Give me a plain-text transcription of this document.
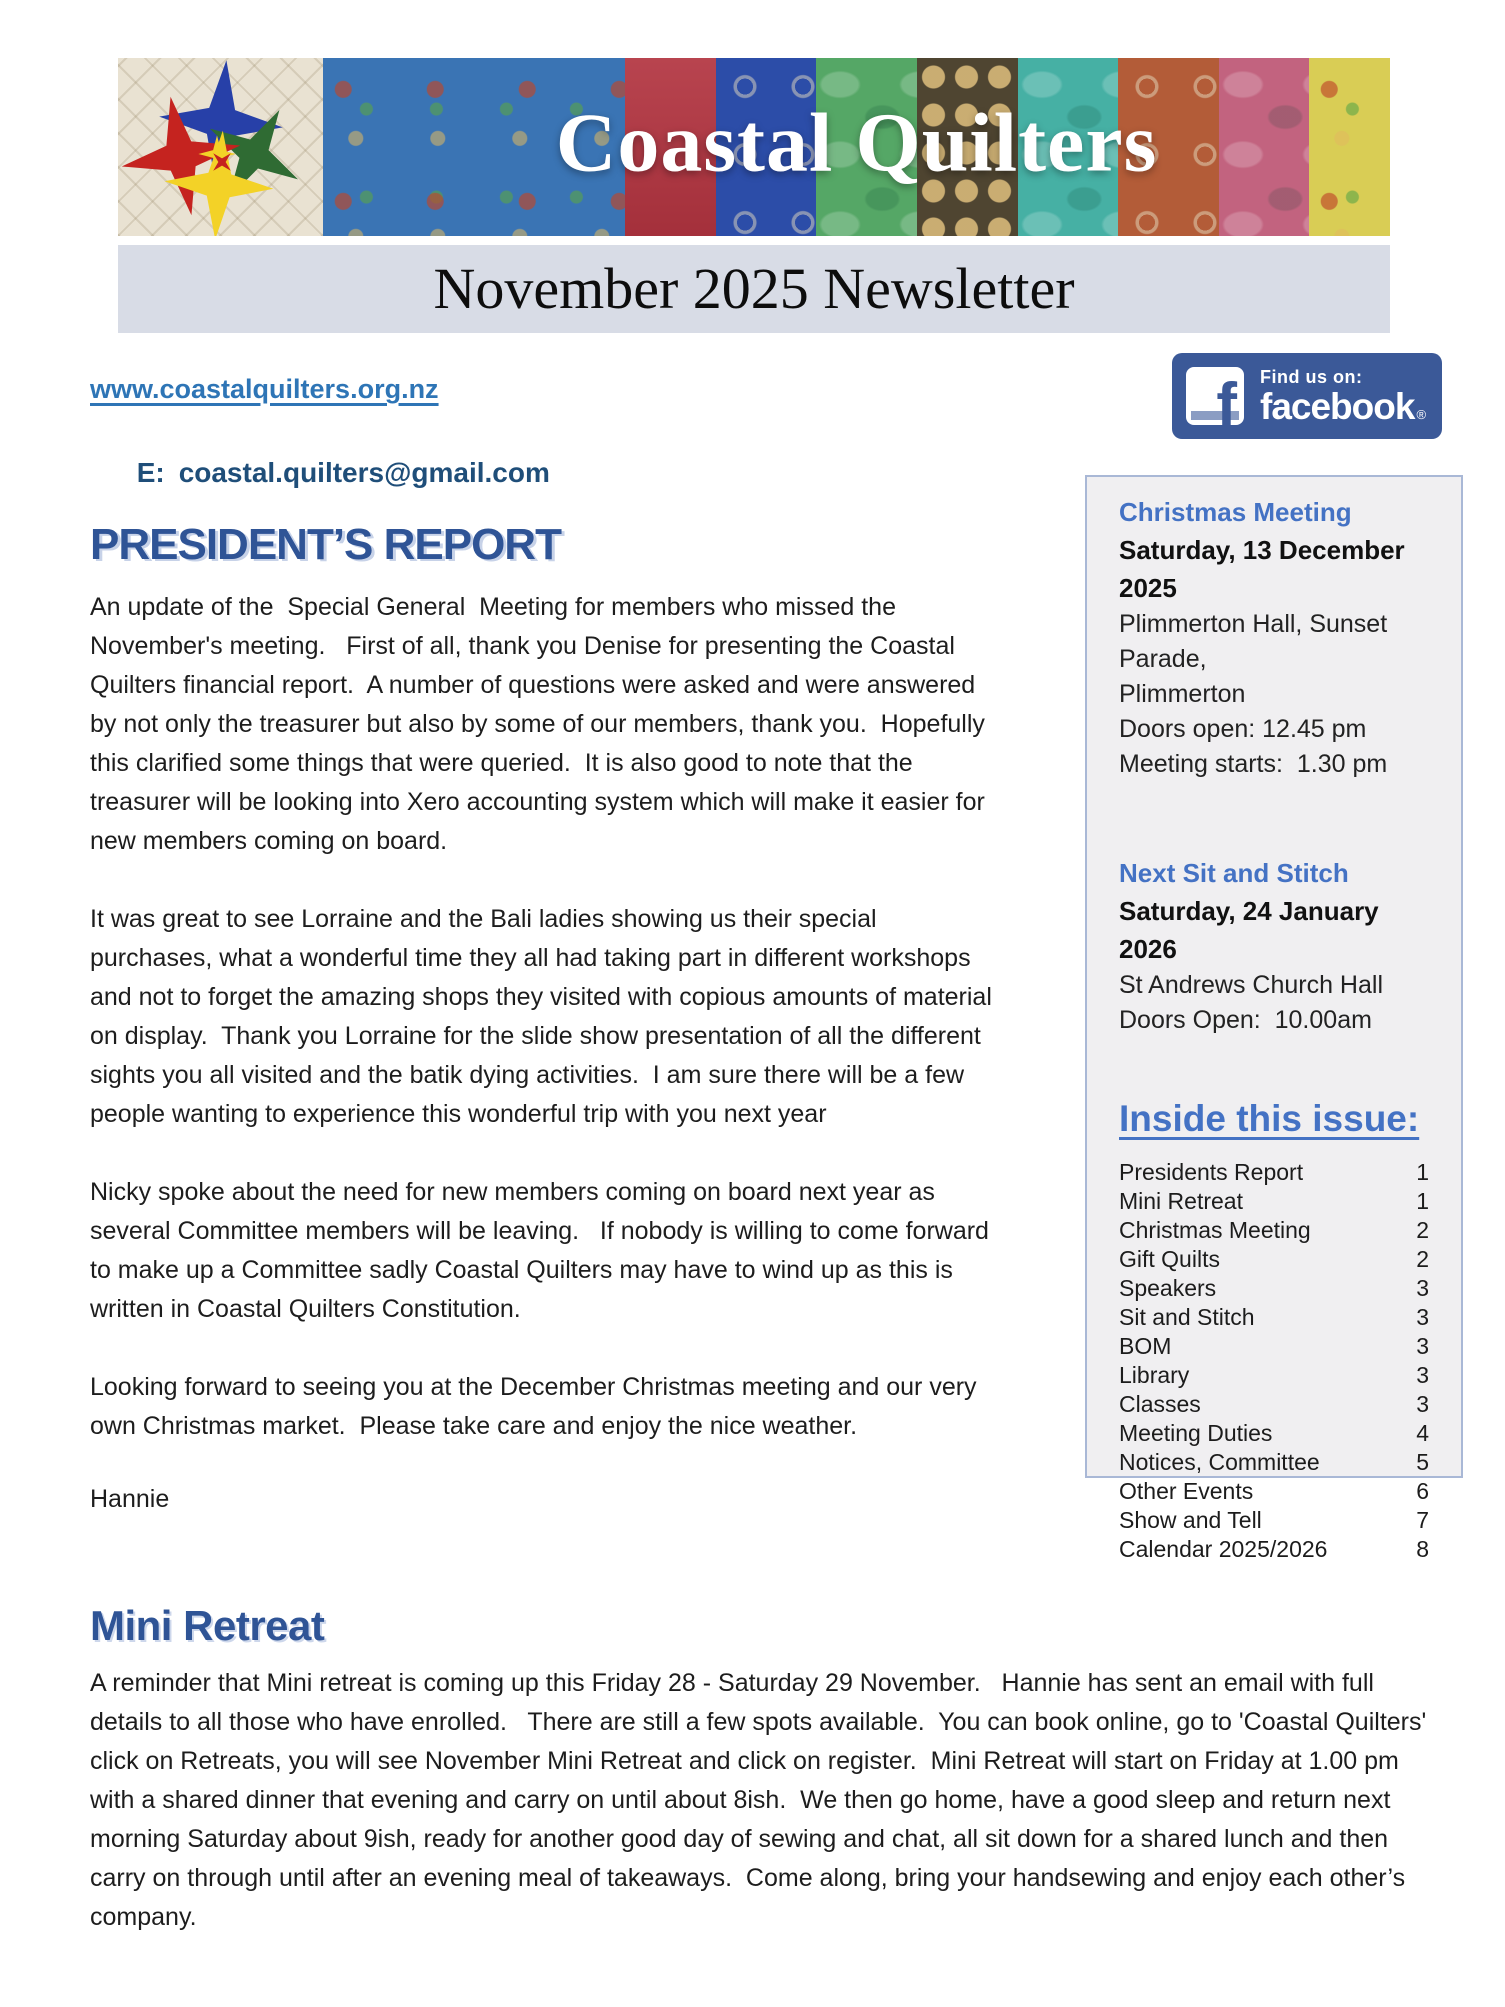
Coastal Quilters
November 2025 Newsletter
www.coastalquilters.org.nz

E: coastal.quilters@gmail.com

f Find us on:
facebook ®
Christmas Meeting
Saturday, 13 December 2025
Plimmerton Hall, Sunset Parade,
Plimmerton
Doors open: 12.45 pm
Meeting starts:  1.30 pm
Next Sit and Stitch
Saturday, 24 January  2026
St Andrews Church Hall
Doors Open:  10.00am
Inside this issue:
Presidents Report	1
Mini Retreat	1
Christmas Meeting	2
Gift Quilts	2
Speakers	3
Sit and Stitch	3
BOM	3
Library	3
Classes	3
Meeting Duties	4
Notices, Committee	5
Other Events	6
Show and Tell	7
Calendar 2025/2026	8
PRESIDENT’S REPORT

An update of the  Special General  Meeting for members who missed the November's meeting.   First of all, thank you Denise for presenting the Coastal Quilters financial report.  A number of questions were asked and were answered by not only the treasurer but also by some of our members, thank you.  Hopefully this clarified some things that were queried.  It is also good to note that the treasurer will be looking into Xero accounting system which will make it easier for new members coming on board.

It was great to see Lorraine and the Bali ladies showing us their special purchases, what a wonderful time they all had taking part in different workshops and not to forget the amazing shops they visited with copious amounts of material on display.  Thank you Lorraine for the slide show presentation of all the different sights you all visited and the batik dying activities.  I am sure there will be a few people wanting to experience this wonderful trip with you next year

Nicky spoke about the need for new members coming on board next year as several Committee members will be leaving.   If nobody is willing to come forward to make up a Committee sadly Coastal Quilters may have to wind up as this is written in Coastal Quilters Constitution.

Looking forward to seeing you at the December Christmas meeting and our very own Christmas market.  Please take care and enjoy the nice weather.

Hannie
Mini Retreat

A reminder that Mini retreat is coming up this Friday 28 - Saturday 29 November.   Hannie has sent an email with full details to all those who have enrolled.   There are still a few spots available.  You can book online, go to 'Coastal Quilters' click on Retreats, you will see November Mini Retreat and click on register.  Mini Retreat will start on Friday at 1.00 pm with a shared dinner that evening and carry on until about 8ish.  We then go home, have a good sleep and return next morning Saturday about 9ish, ready for another good day of sewing and chat, all sit down for a shared lunch and then carry on through until after an evening meal of takeaways.  Come along, bring your handsewing and enjoy each other’s company.
